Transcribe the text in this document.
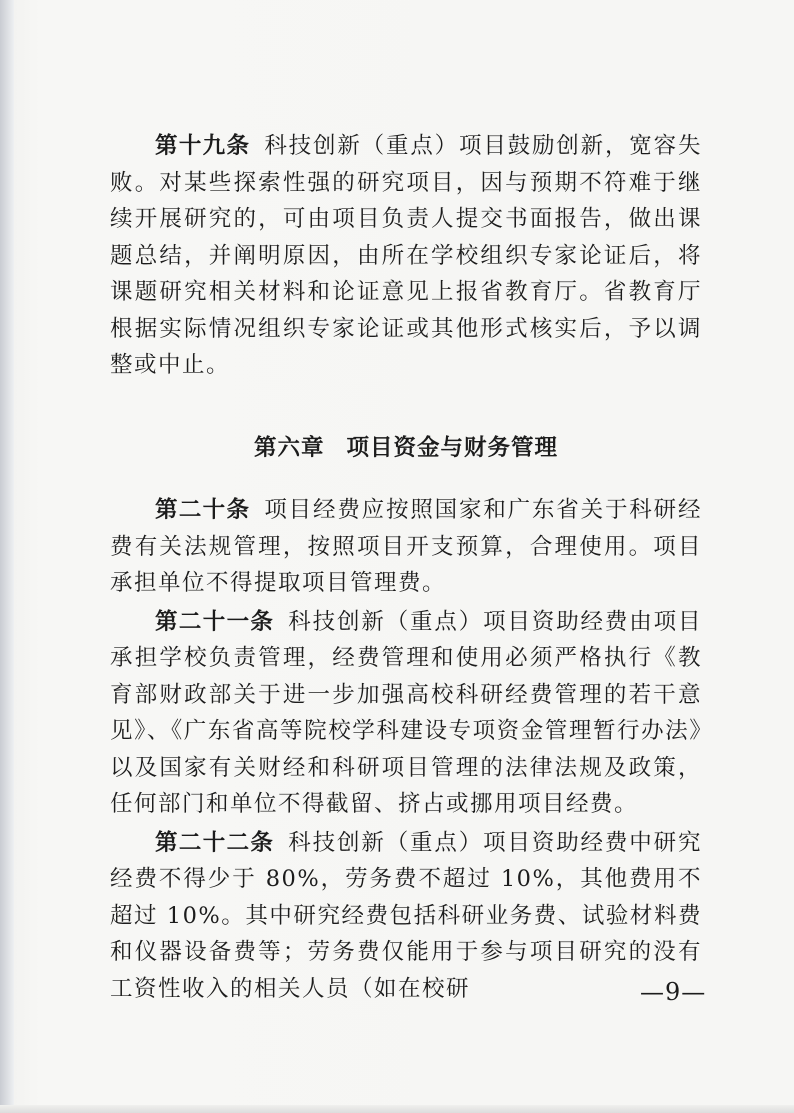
第十九条 科技创新（重点）项目鼓励创新，宽容失败。对某些探索性强的研究项目，因与预期不符难于继续开展研究的，可由项目负责人提交书面报告，做出课题总结，并阐明原因，由所在学校组织专家论证后，将课题研究相关材料和论证意见上报省教育厅。省教育厅根据实际情况组织专家论证或其他形式核实后，予以调整或中止。

第六章 项目资金与财务管理

第二十条 项目经费应按照国家和广东省关于科研经费有关法规管理，按照项目开支预算，合理使用。项目承担单位不得提取项目管理费。

第二十一条 科技创新（重点）项目资助经费由项目承担学校负责管理，经费管理和使用必须严格执行《教育部财政部关于进一步加强高校科研经费管理的若干意见》、《广东省高等院校学科建设专项资金管理暂行办法》以及国家有关财经和科研项目管理的法律法规及政策，任何部门和单位不得截留、挤占或挪用项目经费。

第二十二条 科技创新（重点）项目资助经费中研究经费不得少于 80%，劳务费不超过 10%，其他费用不超过 10%。其中研究经费包括科研业务费、试验材料费和仪器设备费等；劳务费仅能用于参与项目研究的没有工资性收入的相关人员（如在校研	—9—
